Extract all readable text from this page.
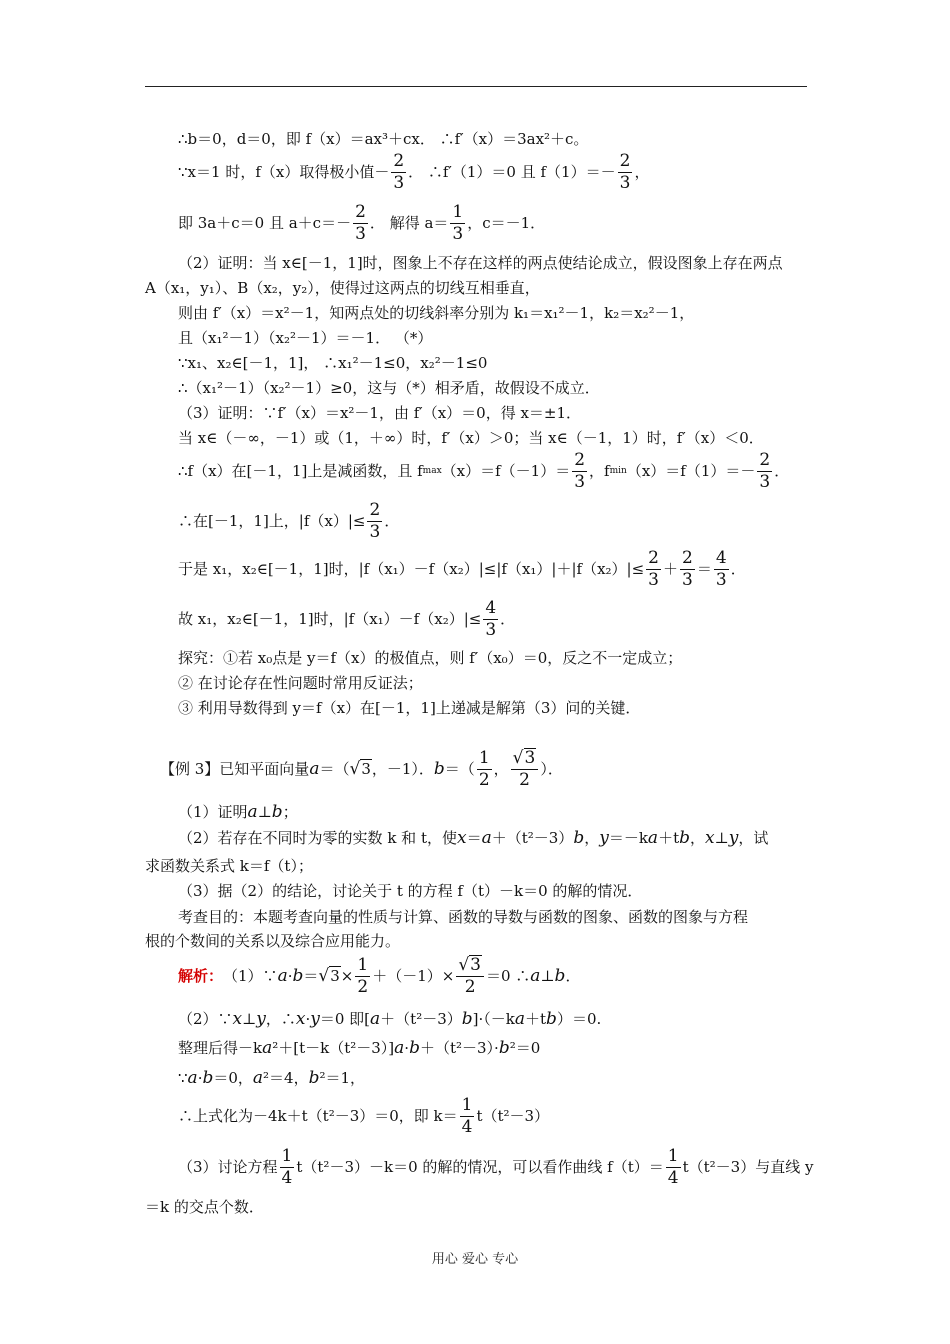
∴b＝0，d＝0，即 f（x）＝ax³＋cx． ∴f′（x）＝3ax²＋c。
∵x＝1 时，f（x）取得极小值－ $\frac{2}{3}$ ． ∴f′（1）＝0 且 $f(1)=- \frac{2}{3}$ ，
即 3a＋c＝0 且 $a+c=- \frac{2}{3}$ ． 解得 $a= \frac{1}{3}$ ，c＝－1．
（2）证明：当 x∈[－1，1]时，图象上不存在这样的两点使结论成立，假设图象上存在两点
A（x₁，y₁）、B（x₂，y₂），使得过这两点的切线互相垂直，
则由 f′（x）＝x²－1，知两点处的切线斜率分别为 k₁＝x₁²－1，k₂＝x₂²－1，
且（x₁²－1）（x₂²－1）＝－1． （*）
∵x₁、x₂∈[－1，1]， ∴x₁²－1≤0，x₂²－1≤0
∴（x₁²－1）（x₂²－1）≥0，这与（*）相矛盾，故假设不成立．
（3）证明：∵f′（x）＝x²－1，由 f′（x）＝0，得 x＝±1．
当 x∈（－∞，－1）或（1，＋∞）时，f′（x）＞0；当 x∈（－1，1）时，f′（x）＜0．
∴f（x）在[－1，1]上是减函数，且 f $\max (x)=f(-1)= \frac{2}{3}$ ，f $\min (x)=f(1)=- \frac{2}{3}$ ．
∴在[－1，1]上，$|f(x)|\le \frac{2}{3}$ ．
于是 x₁，x₂∈[－1，1]时，$|f(x_1)-f(x_2)|\le|f(x_1)|+|f(x_2)|\le \frac{2}{3} + \frac{2}{3} = \frac{4}{3}$ ．
故 x₁，x₂∈[－1，1]时，$|f(x_1)-f(x_2)|\le \frac{4}{3}$ ．
探究：①若 x₀点是 y＝f（x）的极值点，则 f′（x₀）＝0，反之不一定成立；
② 在讨论存在性问题时常用反证法；
③ 利用导数得到 y＝f（x）在[－1，1]上递减是解第（3）问的关键．
【例 3】已知平面向量 a ＝（ √ 3 ，－1）． b ＝（ $\frac{1}{2}$ ， $\frac{√ 3}{2}$ ）．
（1）证明 a ⊥ b ；
（2）若存在不同时为零的实数 k 和 t，使 x ＝ a ＋（t²－3） b ， y ＝－k a ＋t b ， x ⊥ y ，试
求函数关系式 k＝f（t）；
（3）据（2）的结论，讨论关于 t 的方程 f（t）－k＝0 的解的情况．
考查目的：本题考查向量的性质与计算、函数的导数与函数的图象、函数的图象与方程
根的个数间的关系以及综合应用能力。
解析： （1）∵ a · b ＝ √ $3 \times \frac{1}{2} +(-1)\times \frac{√ 3}{2} =0$ ∴ a ⊥ b ．
（2）∵ x ⊥ y ，∴ x · y ＝0 即[ a ＋（t²－3） b ]·（－k a ＋t b ）＝0.
整理后得－k a ²＋[t－k（t²－3）] a · b ＋（t²－3）· b ²＝0
∵ a · b ＝0， a ²＝4， b ²＝1，
∴上式化为－4k＋t（t²－3）＝0，即 $k= \frac{1}{4} t(t^2-3)$
（3）讨论方程 $\frac{1}{4} t(t^2-3)-k=0$ 的解的情况，可以看作曲线 $f(t)= \frac{1}{4} t(t^2-3)$与直线 y
＝k 的交点个数．
用心 爱心 专心
